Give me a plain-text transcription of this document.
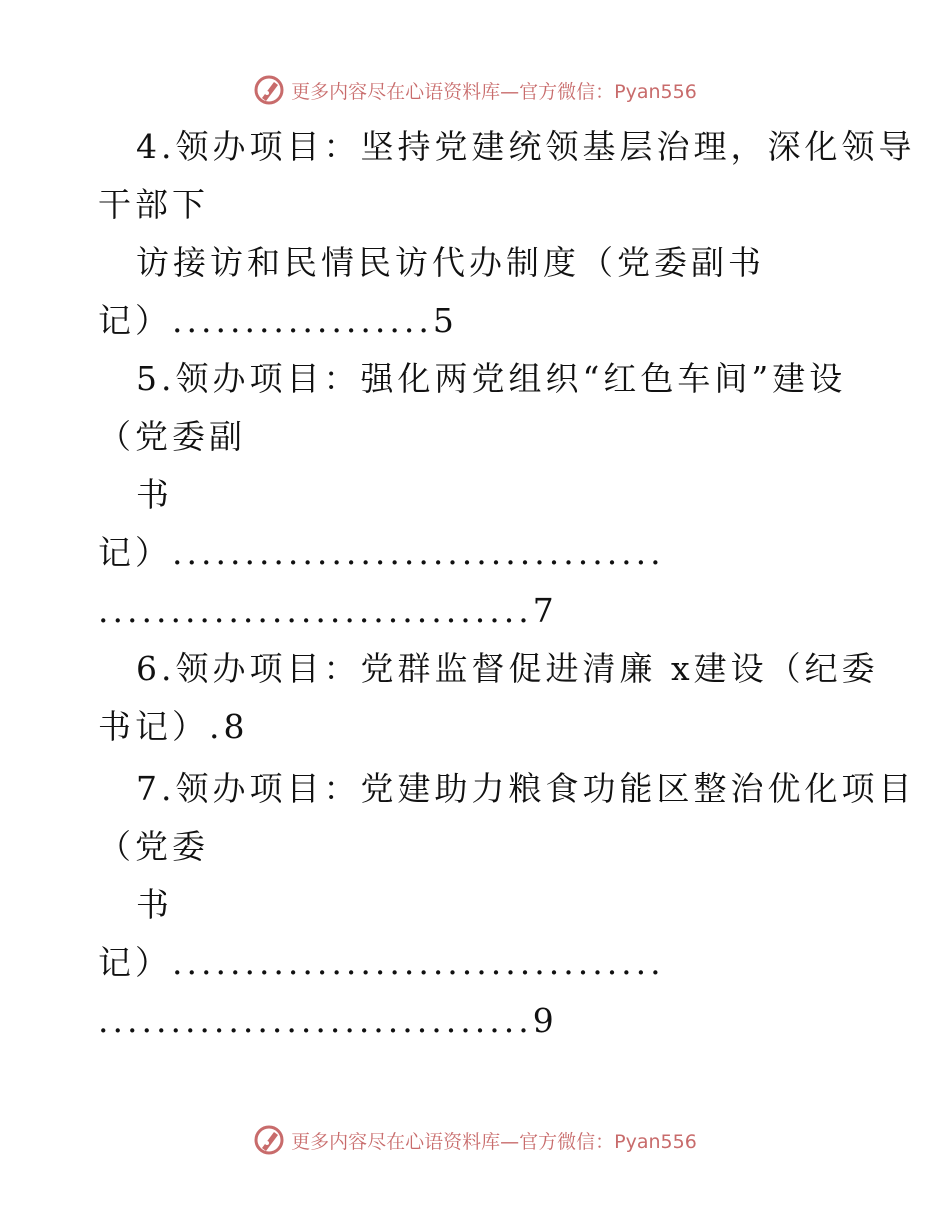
更多内容尽在心语资料库—官方微信：Pyan556
4.领办项目：坚持党建统领基层治理，深化领导
干部下
访接访和民情民访代办制度（党委副书
记）..................5
5.领办项目：强化两党组织“红色车间”建设
（党委副
书
记）..................................
..............................7
6.领办项目：党群监督促进清廉 x建设（纪委
书记）.8
7.领办项目：党建助力粮食功能区整治优化项目
（党委
书
记）..................................
..............................9
更多内容尽在心语资料库—官方微信：Pyan556
